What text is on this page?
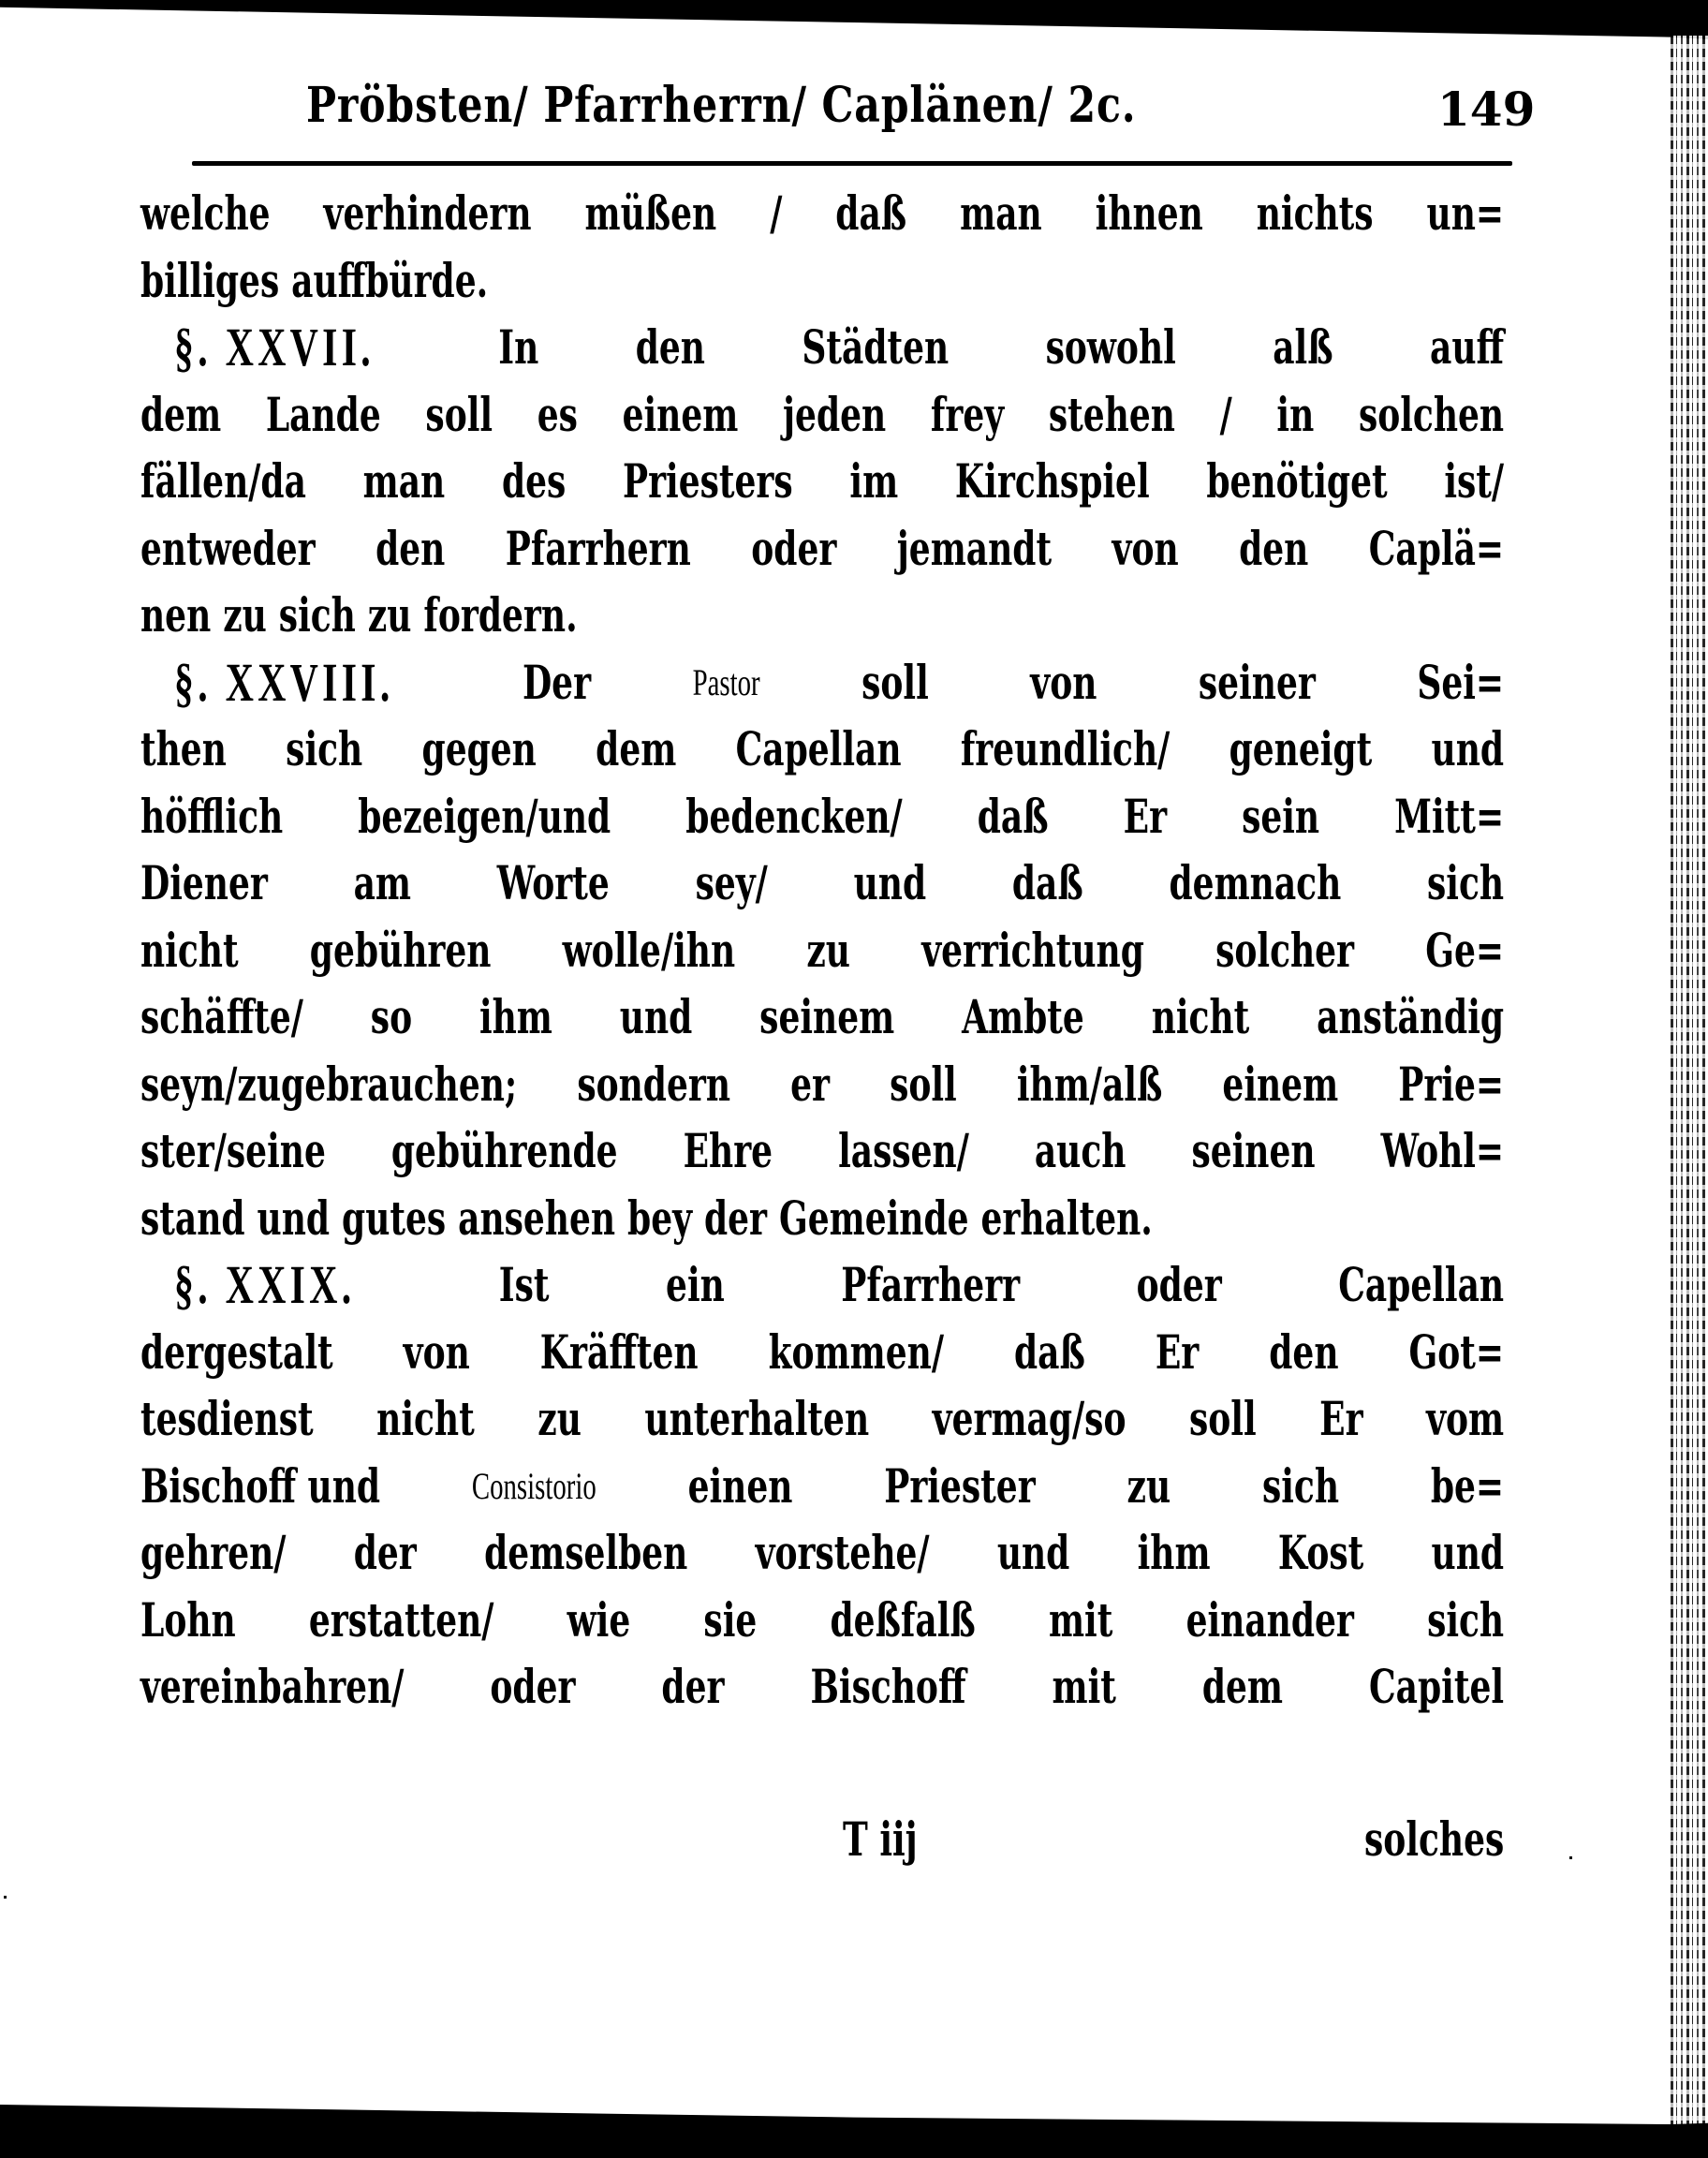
Pröbsten/ Pfarrherrn/ Caplänen/ 2c.	149
welche verhindern müßen / daß man ihnen nichts un=
billiges auffbürde.
§. XXVII.	In den Städten sowohl alß auff
dem Lande soll es einem jeden frey stehen / in solchen
fällen/da man des Priesters im Kirchspiel benötiget ist/
entweder den Pfarrhern oder jemandt von den Caplä=
nen zu sich zu fordern.
§. XXVIII.	Der	Pastor soll von seiner Sei=
then sich gegen dem Capellan freundlich/ geneigt und
höfflich bezeigen/und bedencken/ daß Er sein Mitt=
Diener am Worte sey/ und daß demnach sich
nicht gebühren wolle/ihn zu verrichtung solcher Ge=
schäffte/ so ihm und seinem Ambte nicht anständig
seyn/zugebrauchen; sondern er soll ihm/alß einem Prie=
ster/seine gebührende Ehre lassen/ auch seinen Wohl=
stand und gutes ansehen bey der Gemeinde erhalten.
§. XXIX.	Ist ein Pfarrherr oder Capellan
dergestalt von Kräfften kommen/ daß Er den Got=
tesdienst nicht zu unterhalten vermag/so soll Er vom
Bischoff und Consistorio einen Priester zu sich be=
gehren/ der demselben vorstehe/ und ihm Kost und
Lohn erstatten/ wie sie deßfalß mit einander sich
vereinbahren/ oder der Bischoff mit dem Capitel
T iij	solches
